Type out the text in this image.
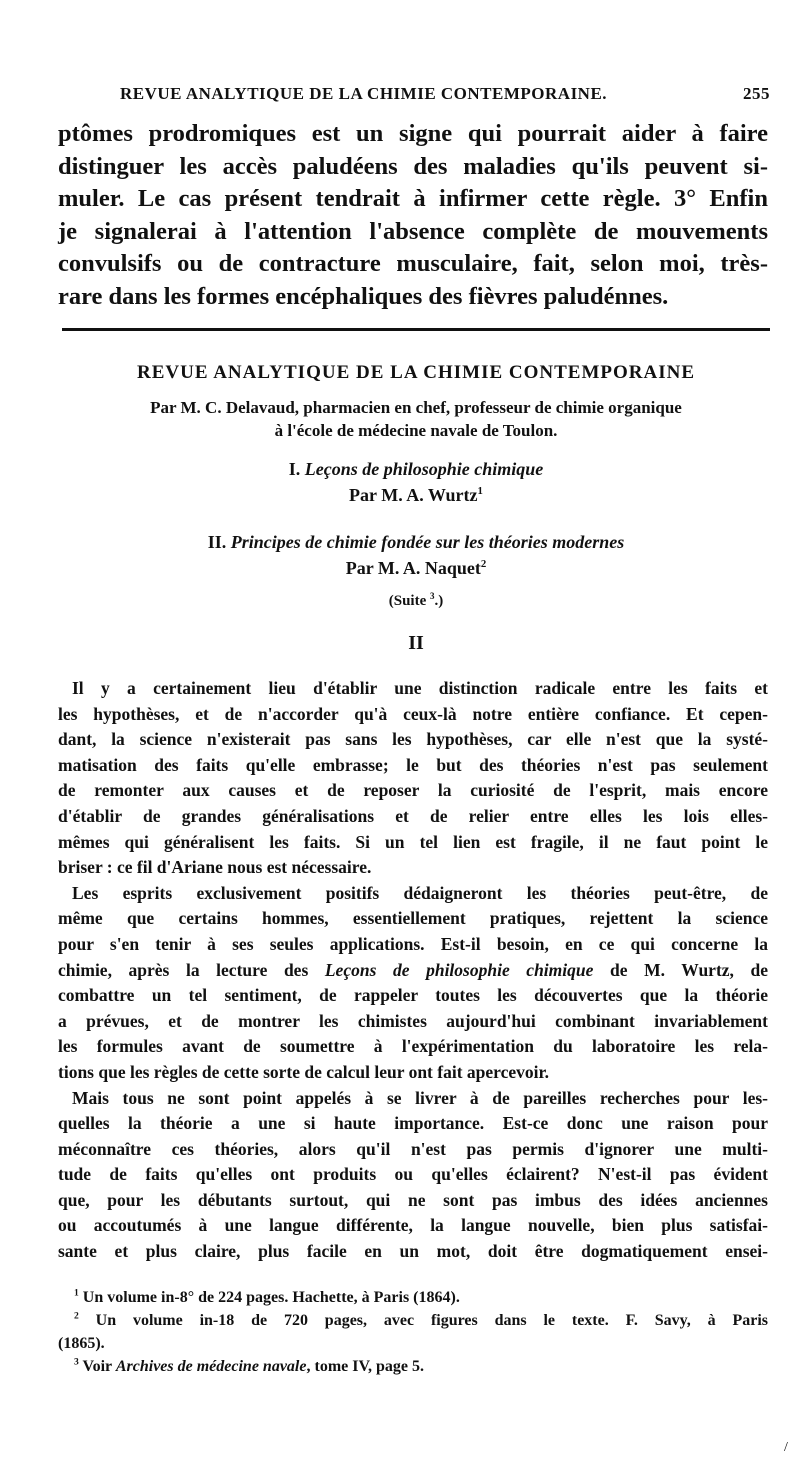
REVUE ANALYTIQUE DE LA CHIMIE CONTEMPORAINE.	255
ptômes prodromiques est un signe qui pourrait aider à faire
distinguer les accès paludéens des maladies qu'ils peuvent si-
muler. Le cas présent tendrait à infirmer cette règle. 3° Enfin
je signalerai à l'attention l'absence complète de mouvements
convulsifs ou de contracture musculaire, fait, selon moi, très-
rare dans les formes encéphaliques des fièvres paludénnes.
REVUE ANALYTIQUE DE LA CHIMIE CONTEMPORAINE
Par M. C. Delavaud, pharmacien en chef, professeur de chimie organique
à l'école de médecine navale de Toulon.
I. Leçons de philosophie chimique
Par M. A. Wurtz$^1$
II. Principes de chimie fondée sur les théories modernes
Par M. A. Naquet$^2$
(Suite $^3$.)
II
Il y a certainement lieu d'établir une distinction radicale entre les faits et
les hypothèses, et de n'accorder qu'à ceux-là notre entière confiance. Et cepen-
dant, la science n'existerait pas sans les hypothèses, car elle n'est que la systé-
matisation des faits qu'elle embrasse; le but des théories n'est pas seulement
de remonter aux causes et de reposer la curiosité de l'esprit, mais encore
d'établir de grandes généralisations et de relier entre elles les lois elles-
mêmes qui généralisent les faits. Si un tel lien est fragile, il ne faut point le
briser : ce fil d'Ariane nous est nécessaire.
Les esprits exclusivement positifs dédaigneront les théories peut-être, de
même que certains hommes, essentiellement pratiques, rejettent la science
pour s'en tenir à ses seules applications. Est-il besoin, en ce qui concerne la
chimie, après la lecture des Leçons de philosophie chimique de M. Wurtz, de
combattre un tel sentiment, de rappeler toutes les découvertes que la théorie
a prévues, et de montrer les chimistes aujourd'hui combinant invariablement
les formules avant de soumettre à l'expérimentation du laboratoire les rela-
tions que les règles de cette sorte de calcul leur ont fait apercevoir.
Mais tous ne sont point appelés à se livrer à de pareilles recherches pour les-
quelles la théorie a une si haute importance. Est-ce donc une raison pour
méconnaître ces théories, alors qu'il n'est pas permis d'ignorer une multi-
tude de faits qu'elles ont produits ou qu'elles éclairent? N'est-il pas évident
que, pour les débutants surtout, qui ne sont pas imbus des idées anciennes
ou accoutumés à une langue différente, la langue nouvelle, bien plus satisfai-
sante et plus claire, plus facile en un mot, doit être dogmatiquement ensei-
$^1$ Un volume in-8° de 224 pages. Hachette, à Paris (1864).
$^2$ Un volume in-18 de 720 pages, avec figures dans le texte. F. Savy, à Paris
(1865).
$^3$ Voir Archives de médecine navale, tome IV, page 5.
/
